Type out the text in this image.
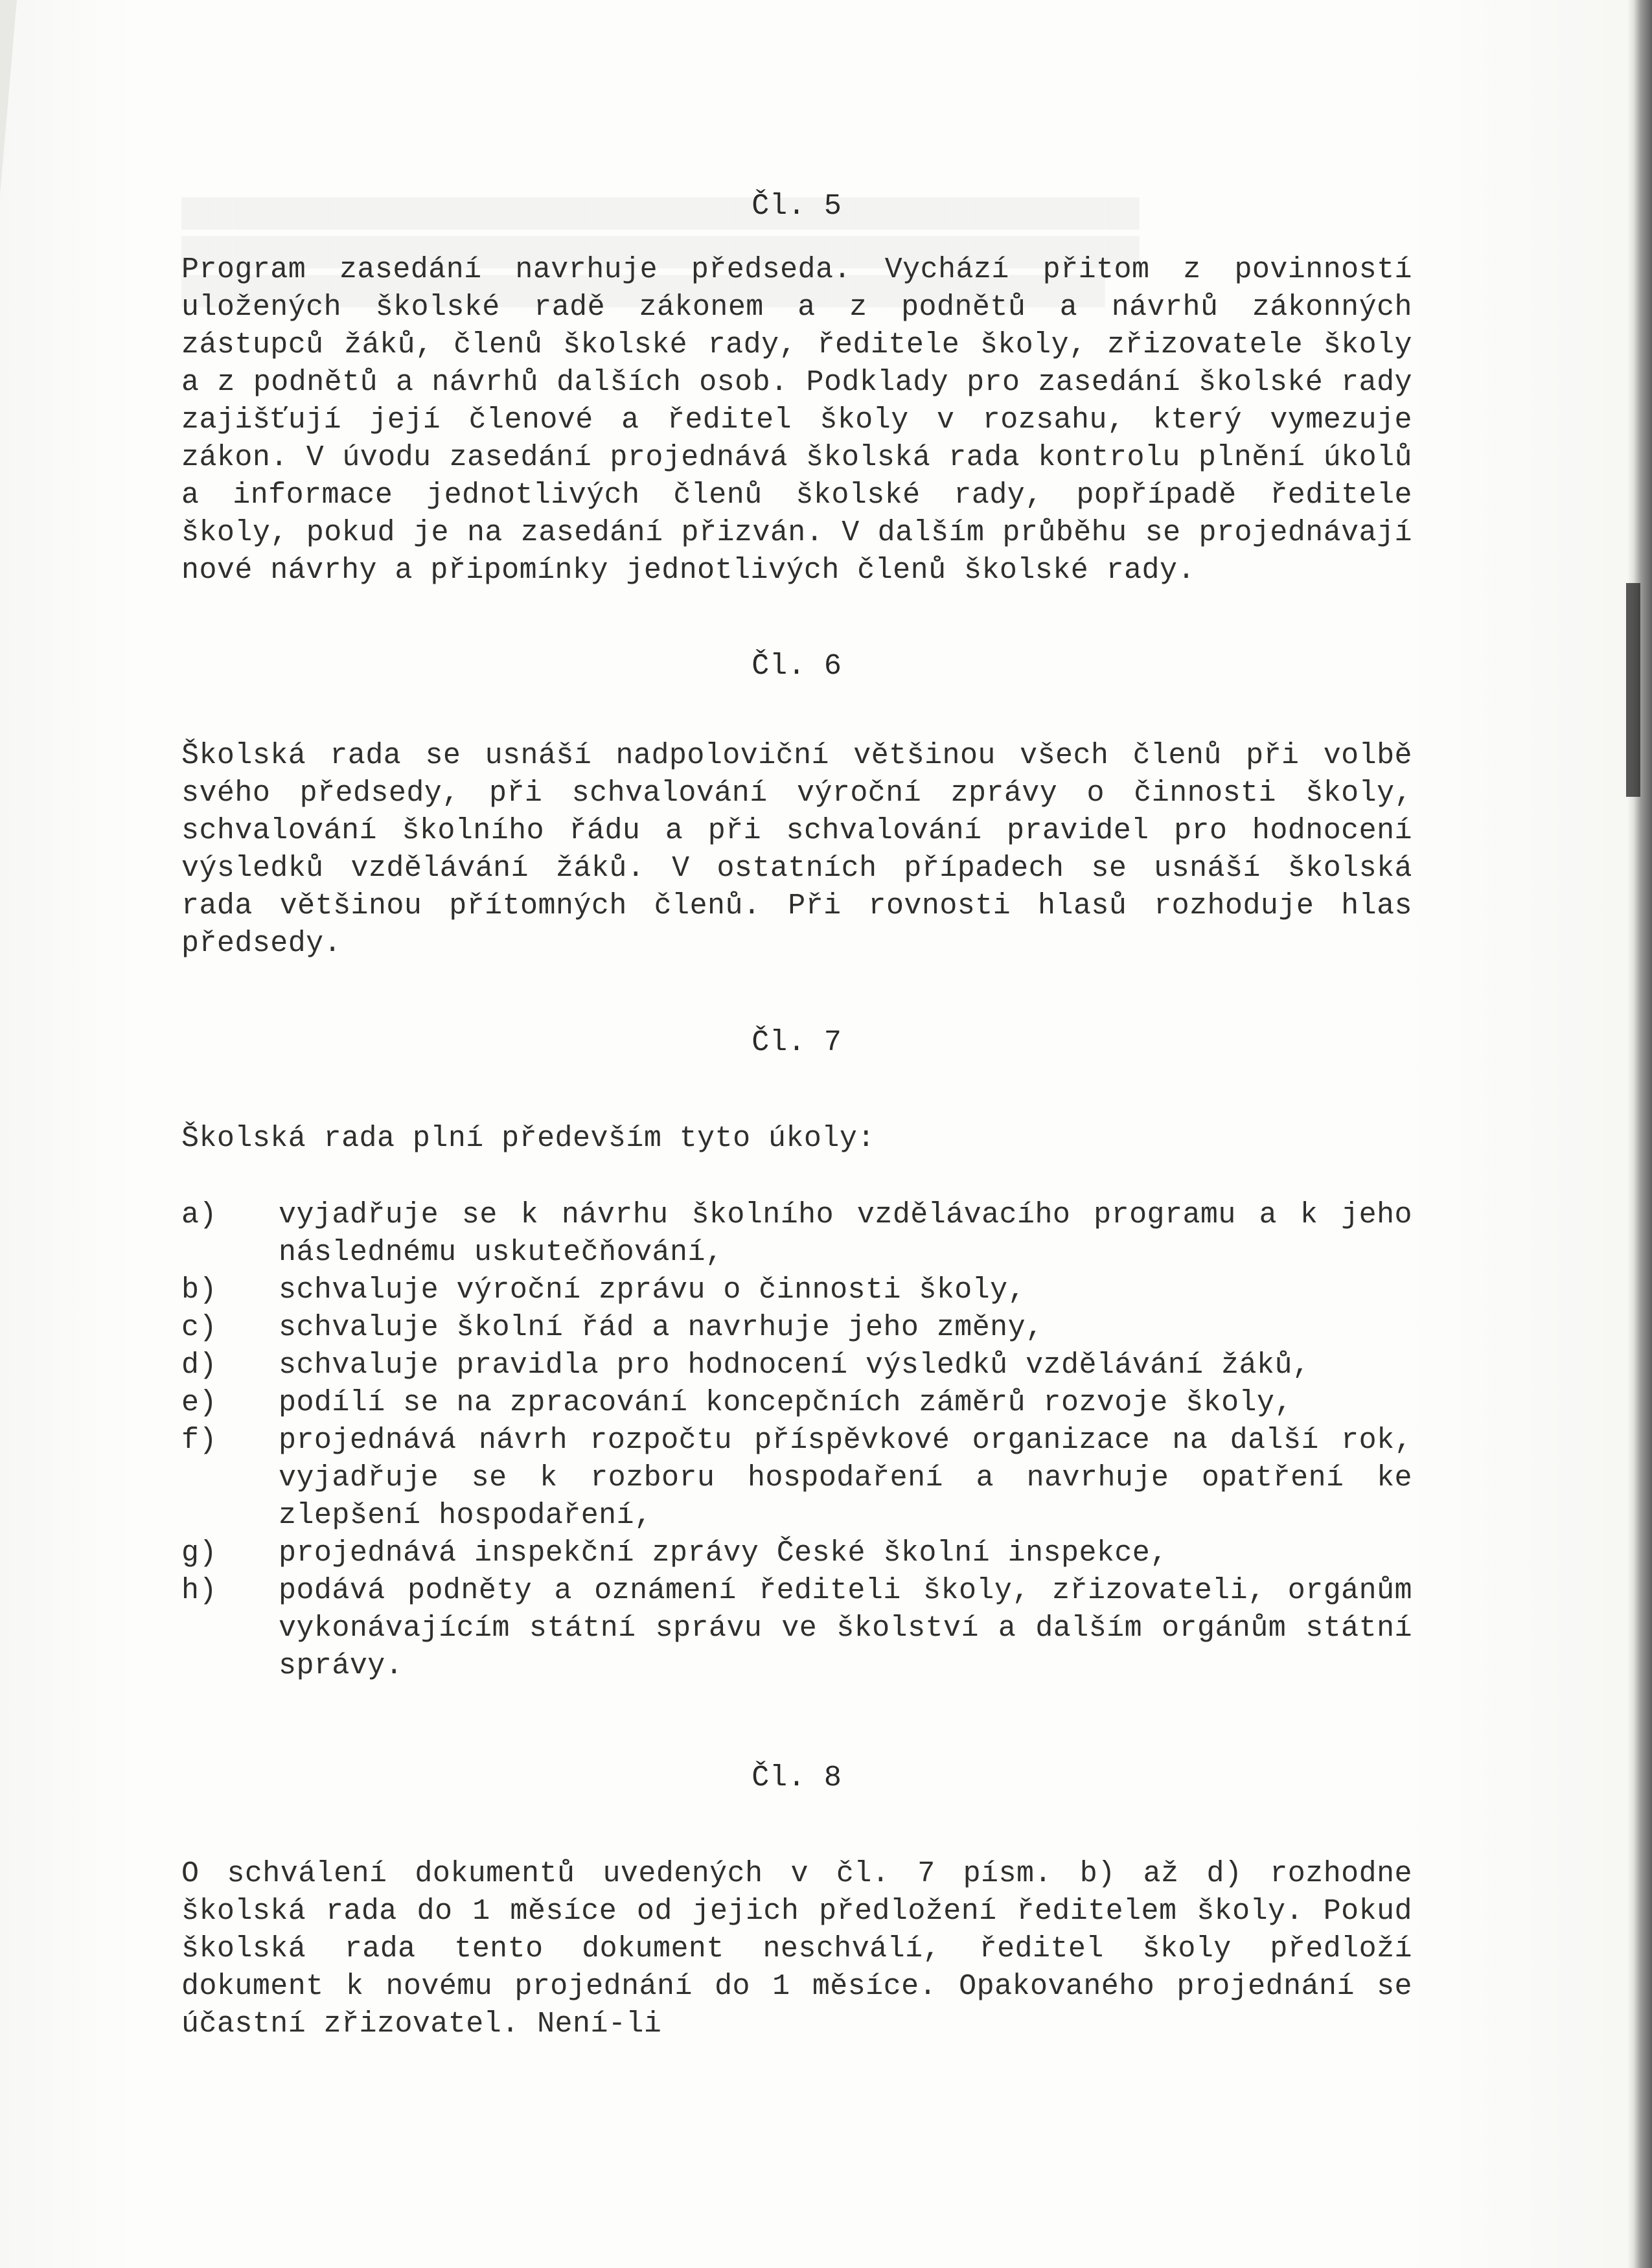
Čl. 5

Program zasedání navrhuje předseda. Vychází přitom z povinností uložených školské radě zákonem a z podnětů a návrhů zákonných zástupců žáků, členů školské rady, ředitele školy, zřizovatele školy a z podnětů a návrhů dalších osob. Podklady pro zasedání školské rady zajišťují její členové a ředitel školy v rozsahu, který vymezuje zákon. V úvodu zasedání projednává školská rada kontrolu plnění úkolů a informace jednotlivých členů školské rady, popřípadě ředitele školy, pokud je na zasedání přizván. V dalším průběhu se projednávají nové návrhy a připomínky jednotlivých členů školské rady.

Čl. 6

Školská rada se usnáší nadpoloviční většinou všech členů při volbě svého předsedy, při schvalování výroční zprávy o činnosti školy, schvalování školního řádu a při schvalování pravidel pro hodnocení výsledků vzdělávání žáků. V ostatních případech se usnáší školská rada většinou přítomných členů. Při rovnosti hlasů rozhoduje hlas předsedy.

Čl. 7

Školská rada plní především tyto úkoly:

a)	vyjadřuje se k návrhu školního vzdělávacího programu a k jeho následnému uskutečňování,
b)	schvaluje výroční zprávu o činnosti školy,
c)	schvaluje školní řád a navrhuje jeho změny,
d)	schvaluje pravidla pro hodnocení výsledků vzdělávání žáků,
e)	podílí se na zpracování koncepčních záměrů rozvoje školy,
f)	projednává návrh rozpočtu příspěvkové organizace na další rok, vyjadřuje se k rozboru hospodaření a navrhuje opatření ke zlepšení hospodaření,
g)	projednává inspekční zprávy České školní inspekce,
h)	podává podněty a oznámení řediteli školy, zřizovateli, orgánům vykonávajícím státní správu ve školství a dalším orgánům státní správy.
Čl. 8

O schválení dokumentů uvedených v čl. 7 písm. b) až d) rozhodne školská rada do 1 měsíce od jejich předložení ředitelem školy. Pokud školská rada tento dokument neschválí, ředitel školy předloží dokument k novému projednání do 1 měsíce. Opakovaného projednání se účastní zřizovatel. Není-li
